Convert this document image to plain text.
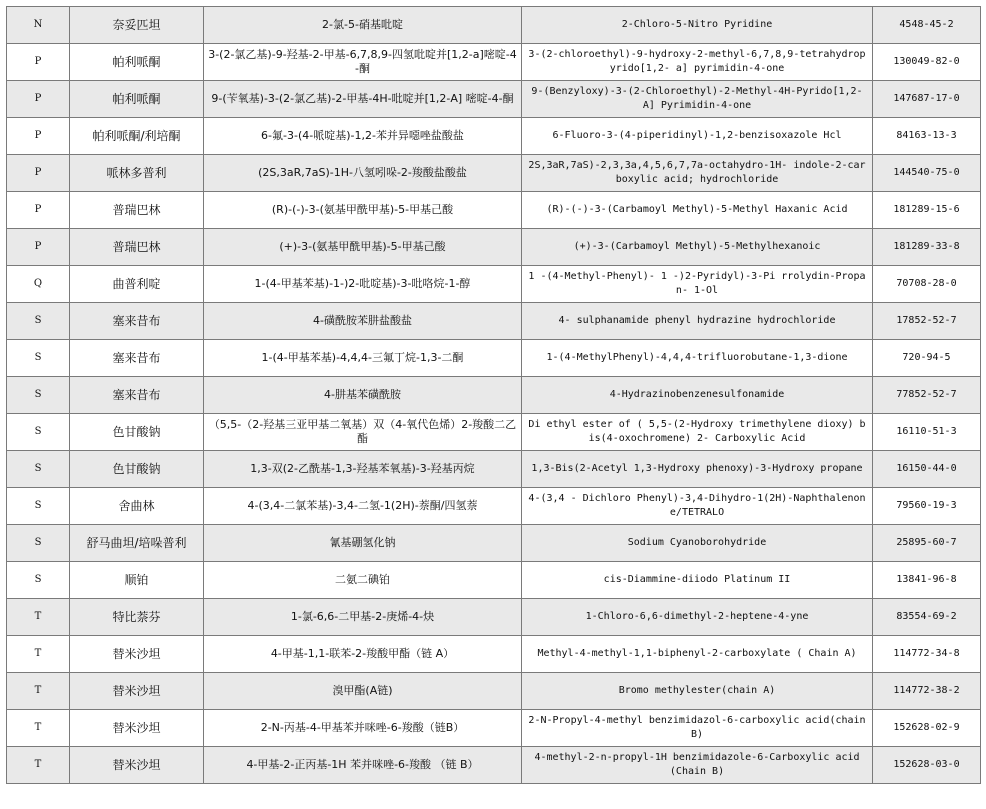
N	奈妥匹坦	2-氯-5-硝基吡啶	2-Chloro-5-Nitro Pyridine	4548-45-2
P	帕利哌酮	3-(2-氯乙基)-9-羟基-2-甲基-6,7,8,9-四氢吡啶并[1,2-a]嘧啶-4-酮	3-(2-chloroethyl)-9-hydroxy-2-methyl-6,7,8,9-tetrahydropyrido[1,2- a] pyrimidin-4-one	130049-82-0
P	帕利哌酮	9-(苄氧基)-3-(2-氯乙基)-2-甲基-4H-吡啶并[1,2-A] 嘧啶-4-酮	9-(Benzyloxy)-3-(2-Chloroethyl)-2-Methyl-4H-Pyrido[1,2-A] Pyrimidin-4-one	147687-17-0
P	帕利哌酮/利培酮	6-氟-3-(4-哌啶基)-1,2-苯并异噁唑盐酸盐	6-Fluoro-3-(4-piperidinyl)-1,2-benzisoxazole Hcl	84163-13-3
P	哌林多普利	(2S,3aR,7aS)-1H-八氢吲哚-2-羧酸盐酸盐	2S,3aR,7aS)-2,3,3a,4,5,6,7,7a-octahydro-1H- indole-2-carboxylic acid; hydrochloride	144540-75-0
P	普瑞巴林	(R)-(-)-3-(氨基甲酰甲基)-5-甲基己酸	(R)-(-)-3-(Carbamoyl Methyl)-5-Methyl Haxanic Acid	181289-15-6
P	普瑞巴林	(+)-3-(氨基甲酰甲基)-5-甲基己酸	(+)-3-(Carbamoyl Methyl)-5-Methylhexanoic	181289-33-8
Q	曲普利啶	1-(4-甲基苯基)-1-)2-吡啶基)-3-吡咯烷-1-醇	1 -(4-Methyl-Phenyl)- 1 -)2-Pyridyl)-3-Pi rrolydin-Propan- 1-Ol	70708-28-0
S	塞来昔布	4-磺酰胺苯肼盐酸盐	4- sulphanamide phenyl hydrazine hydrochloride	17852-52-7
S	塞来昔布	1-(4-甲基苯基)-4,4,4-三氟丁烷-1,3-二酮	1-(4-MethylPhenyl)-4,4,4-trifluorobutane-1,3-dione	720-94-5
S	塞来昔布	4-肼基苯磺酰胺	4-Hydrazinobenzenesulfonamide	77852-52-7
S	色甘酸钠	（5,5-（2-羟基三亚甲基二氧基）双（4-氧代色烯）2-羧酸二乙酯	Di ethyl ester of ( 5,5-(2-Hydroxy trimethylene dioxy) bis(4-oxochromene) 2- Carboxylic Acid	16110-51-3
S	色甘酸钠	1,3-双(2-乙酰基-1,3-羟基苯氧基)-3-羟基丙烷	1,3-Bis(2-Acetyl 1,3-Hydroxy phenoxy)-3-Hydroxy propane	16150-44-0
S	舍曲林	4-(3,4-二氯苯基)-3,4-二氢-1(2H)-萘酮/四氢萘	4-(3,4 - Dichloro Phenyl)-3,4-Dihydro-1(2H)-Naphthalenone/TETRALO	79560-19-3
S	舒马曲坦/培哚普利	氰基硼氢化钠	Sodium Cyanoborohydride	25895-60-7
S	顺铂	二氨二碘铂	cis-Diammine-diiodo Platinum II	13841-96-8
T	特比萘芬	1-氯-6,6-二甲基-2-庚烯-4-炔	1-Chloro-6,6-dimethyl-2-heptene-4-yne	83554-69-2
T	替米沙坦	4-甲基-1,1-联苯-2-羧酸甲酯（链 A）	Methyl-4-methyl-1,1-biphenyl-2-carboxylate ( Chain A)	114772-34-8
T	替米沙坦	溴甲酯(A链)	Bromo methylester(chain A)	114772-38-2
T	替米沙坦	2-N-丙基-4-甲基苯并咪唑-6-羧酸（链B）	2-N-Propyl-4-methyl benzimidazol-6-carboxylic acid(chain B)	152628-02-9
T	替米沙坦	4-甲基-2-正丙基-1H 苯并咪唑-6-羧酸 （链 B）	4-methyl-2-n-propyl-1H benzimidazole-6-Carboxylic acid (Chain B)	152628-03-0
